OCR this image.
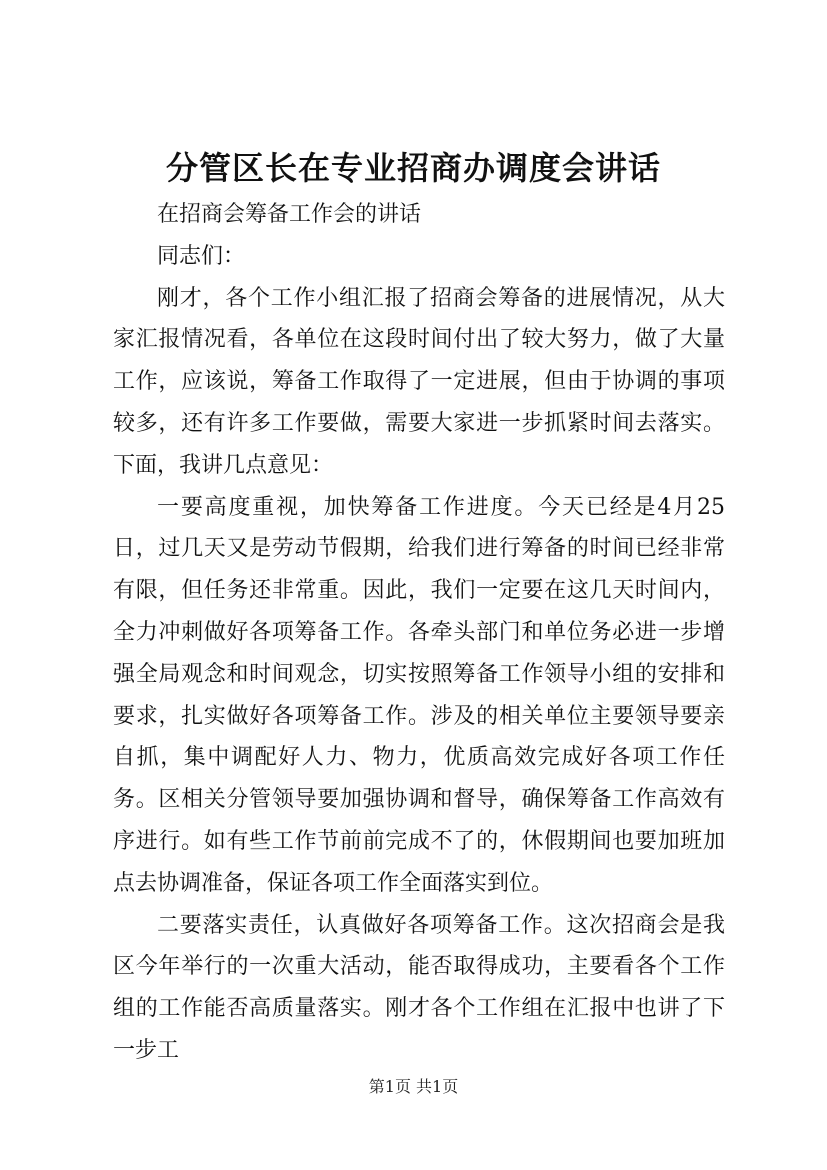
分管区长在专业招商办调度会讲话

在招商会筹备工作会的讲话

同志们：

刚才，各个工作小组汇报了招商会筹备的进展情况，从大家汇报情况看，各单位在这段时间付出了较大努力，做了大量工作，应该说，筹备工作取得了一定进展，但由于协调的事项较多，还有许多工作要做，需要大家进一步抓紧时间去落实。下面，我讲几点意见：

一要高度重视，加快筹备工作进度。今天已经是4月25日，过几天又是劳动节假期，给我们进行筹备的时间已经非常有限，但任务还非常重。因此，我们一定要在这几天时间内，全力冲刺做好各项筹备工作。各牵头部门和单位务必进一步增强全局观念和时间观念，切实按照筹备工作领导小组的安排和要求，扎实做好各项筹备工作。涉及的相关单位主要领导要亲自抓，集中调配好人力、物力，优质高效完成好各项工作任务。区相关分管领导要加强协调和督导，确保筹备工作高效有序进行。如有些工作节前前完成不了的，休假期间也要加班加点去协调准备，保证各项工作全面落实到位。

二要落实责任，认真做好各项筹备工作。这次招商会是我区今年举行的一次重大活动，能否取得成功，主要看各个工作组的工作能否高质量落实。刚才各个工作组在汇报中也讲了下一步工

第1页 共1页
